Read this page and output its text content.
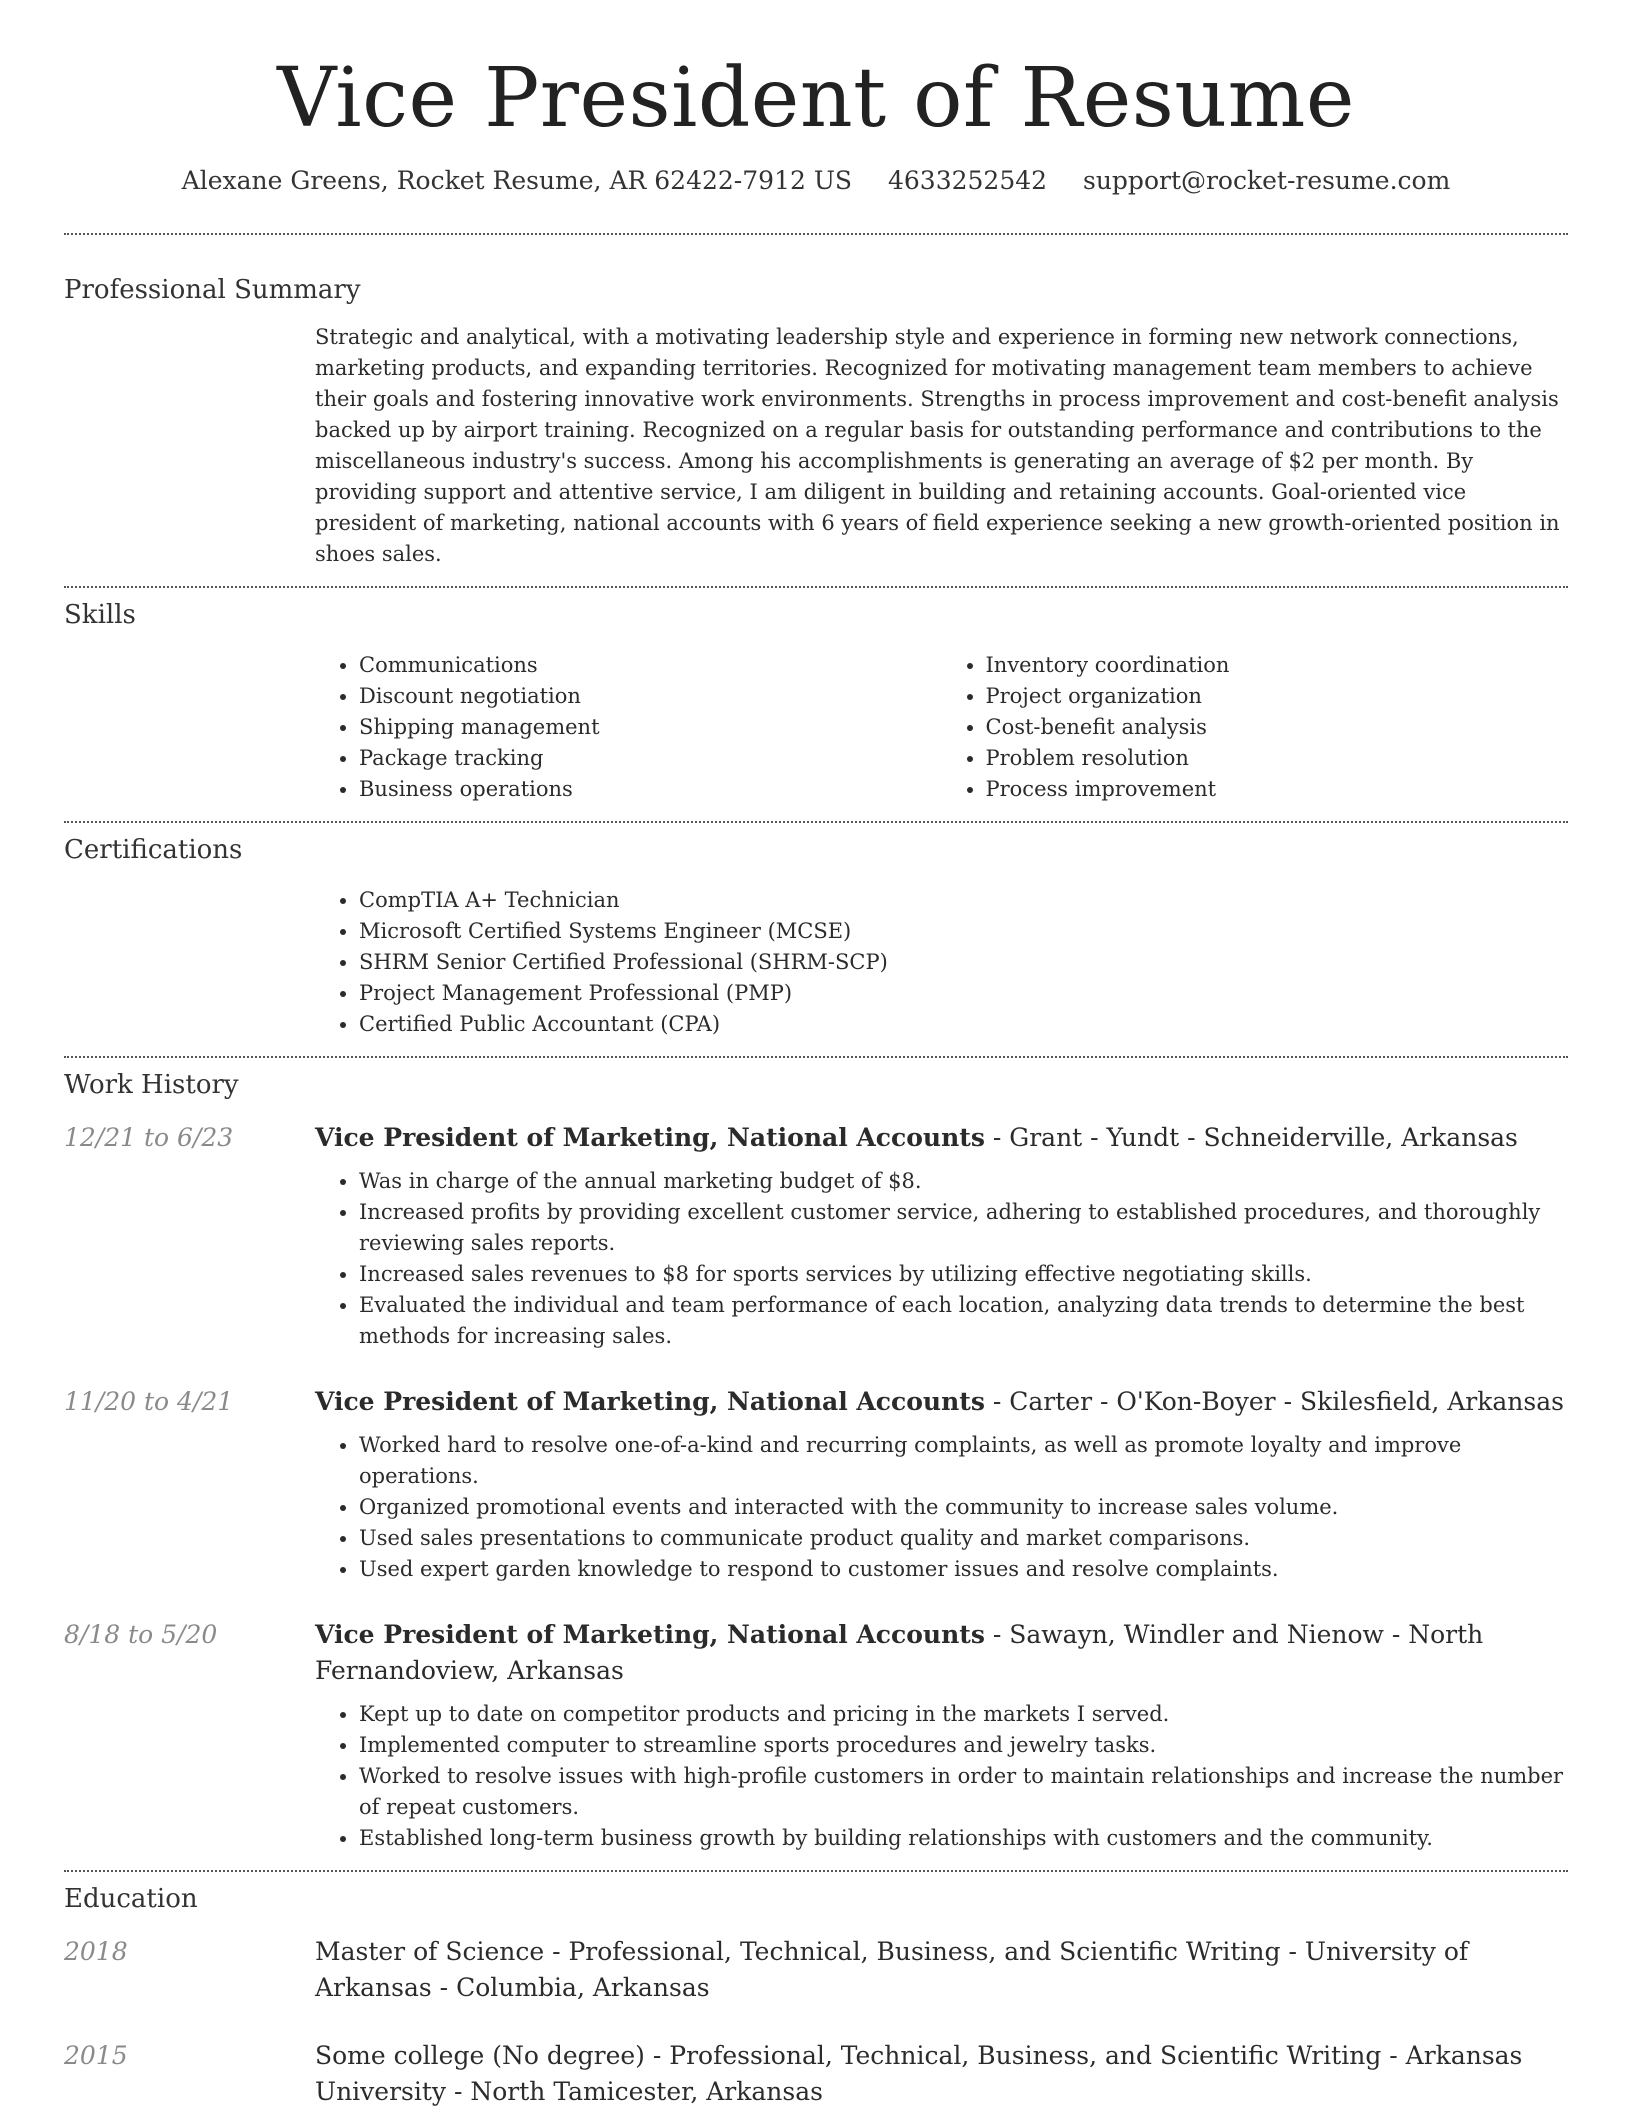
Vice President of Resume
Alexane Greens, Rocket Resume, AR 62422-7912 US 4633252542 support@rocket-resume.com
Professional Summary
Strategic and analytical, with a motivating leadership style and experience in forming new network connections, marketing products, and expanding territories. Recognized for motivating management team members to achieve their goals and fostering innovative work environments. Strengths in process improvement and cost-benefit analysis backed up by airport training. Recognized on a regular basis for outstanding performance and contributions to the miscellaneous industry's success. Among his accomplishments is generating an average of $2 per month. By providing support and attentive service, I am diligent in building and retaining accounts. Goal-oriented vice president of marketing, national accounts with 6 years of field experience seeking a new growth-oriented position in shoes sales.
Skills
• Communications
• Discount negotiation
• Shipping management
• Package tracking
• Business operations
• Inventory coordination
• Project organization
• Cost-benefit analysis
• Problem resolution
• Process improvement
Certifications
• CompTIA A+ Technician
• Microsoft Certified Systems Engineer (MCSE)
• SHRM Senior Certified Professional (SHRM-SCP)
• Project Management Professional (PMP)
• Certified Public Accountant (CPA)
Work History
12/21 to 6/23	Vice President of Marketing, National Accounts - Grant - Yundt - Schneiderville, Arkansas
• Was in charge of the annual marketing budget of $8.
• Increased profits by providing excellent customer service, adhering to established procedures, and thoroughly reviewing sales reports.
• Increased sales revenues to $8 for sports services by utilizing effective negotiating skills.
• Evaluated the individual and team performance of each location, analyzing data trends to determine the best methods for increasing sales.
11/20 to 4/21	Vice President of Marketing, National Accounts - Carter - O'Kon-Boyer - Skilesfield, Arkansas
• Worked hard to resolve one-of-a-kind and recurring complaints, as well as promote loyalty and improve operations.
• Organized promotional events and interacted with the community to increase sales volume.
• Used sales presentations to communicate product quality and market comparisons.
• Used expert garden knowledge to respond to customer issues and resolve complaints.
8/18 to 5/20	Vice President of Marketing, National Accounts - Sawayn, Windler and Nienow - North Fernandoview, Arkansas
• Kept up to date on competitor products and pricing in the markets I served.
• Implemented computer to streamline sports procedures and jewelry tasks.
• Worked to resolve issues with high-profile customers in order to maintain relationships and increase the number of repeat customers.
• Established long-term business growth by building relationships with customers and the community.
Education
2018	Master of Science - Professional, Technical, Business, and Scientific Writing - University of Arkansas - Columbia, Arkansas
2015	Some college (No degree) - Professional, Technical, Business, and Scientific Writing - Arkansas University - North Tamicester, Arkansas
